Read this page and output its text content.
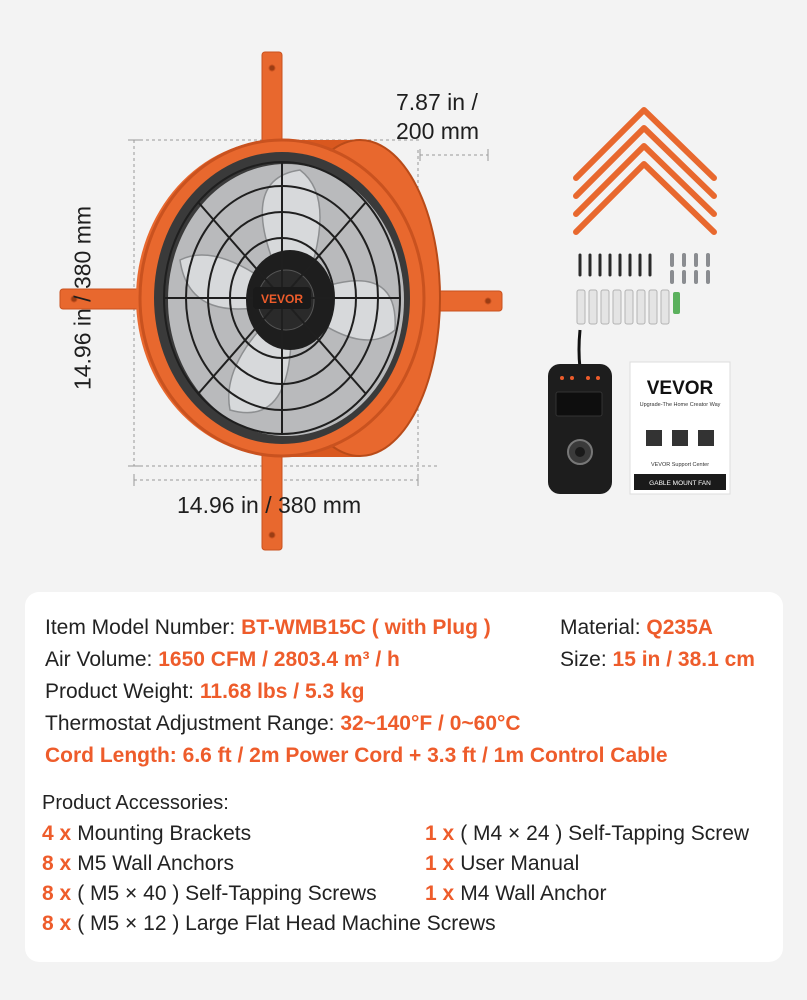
VEVOR
VEVOR
Upgrade-The Home Creator Way
VEVOR Support Center
GABLE MOUNT FAN
7.87 in /
200 mm
14.96 in / 380 mm
14.96 in / 380 mm
Item Model Number: BT-WMB15C ( with Plug )	Material: Q235A
Air Volume: 1650 CFM / 2803.4 m³ / h	Size: 15 in / 38.1 cm
Product Weight: 11.68 lbs / 5.3 kg
Thermostat Adjustment Range: 32~140°F / 0~60°C
Cord Length: 6.6 ft / 2m Power Cord + 3.3 ft / 1m Control Cable
Product Accessories:
4 x Mounting Brackets
8 x M5 Wall Anchors
8 x ( M5 × 40 ) Self-Tapping Screws
8 x ( M5 × 12 ) Large Flat Head Machine Screws
1 x ( M4 × 24 ) Self-Tapping Screw
1 x User Manual
1 x M4 Wall Anchor
